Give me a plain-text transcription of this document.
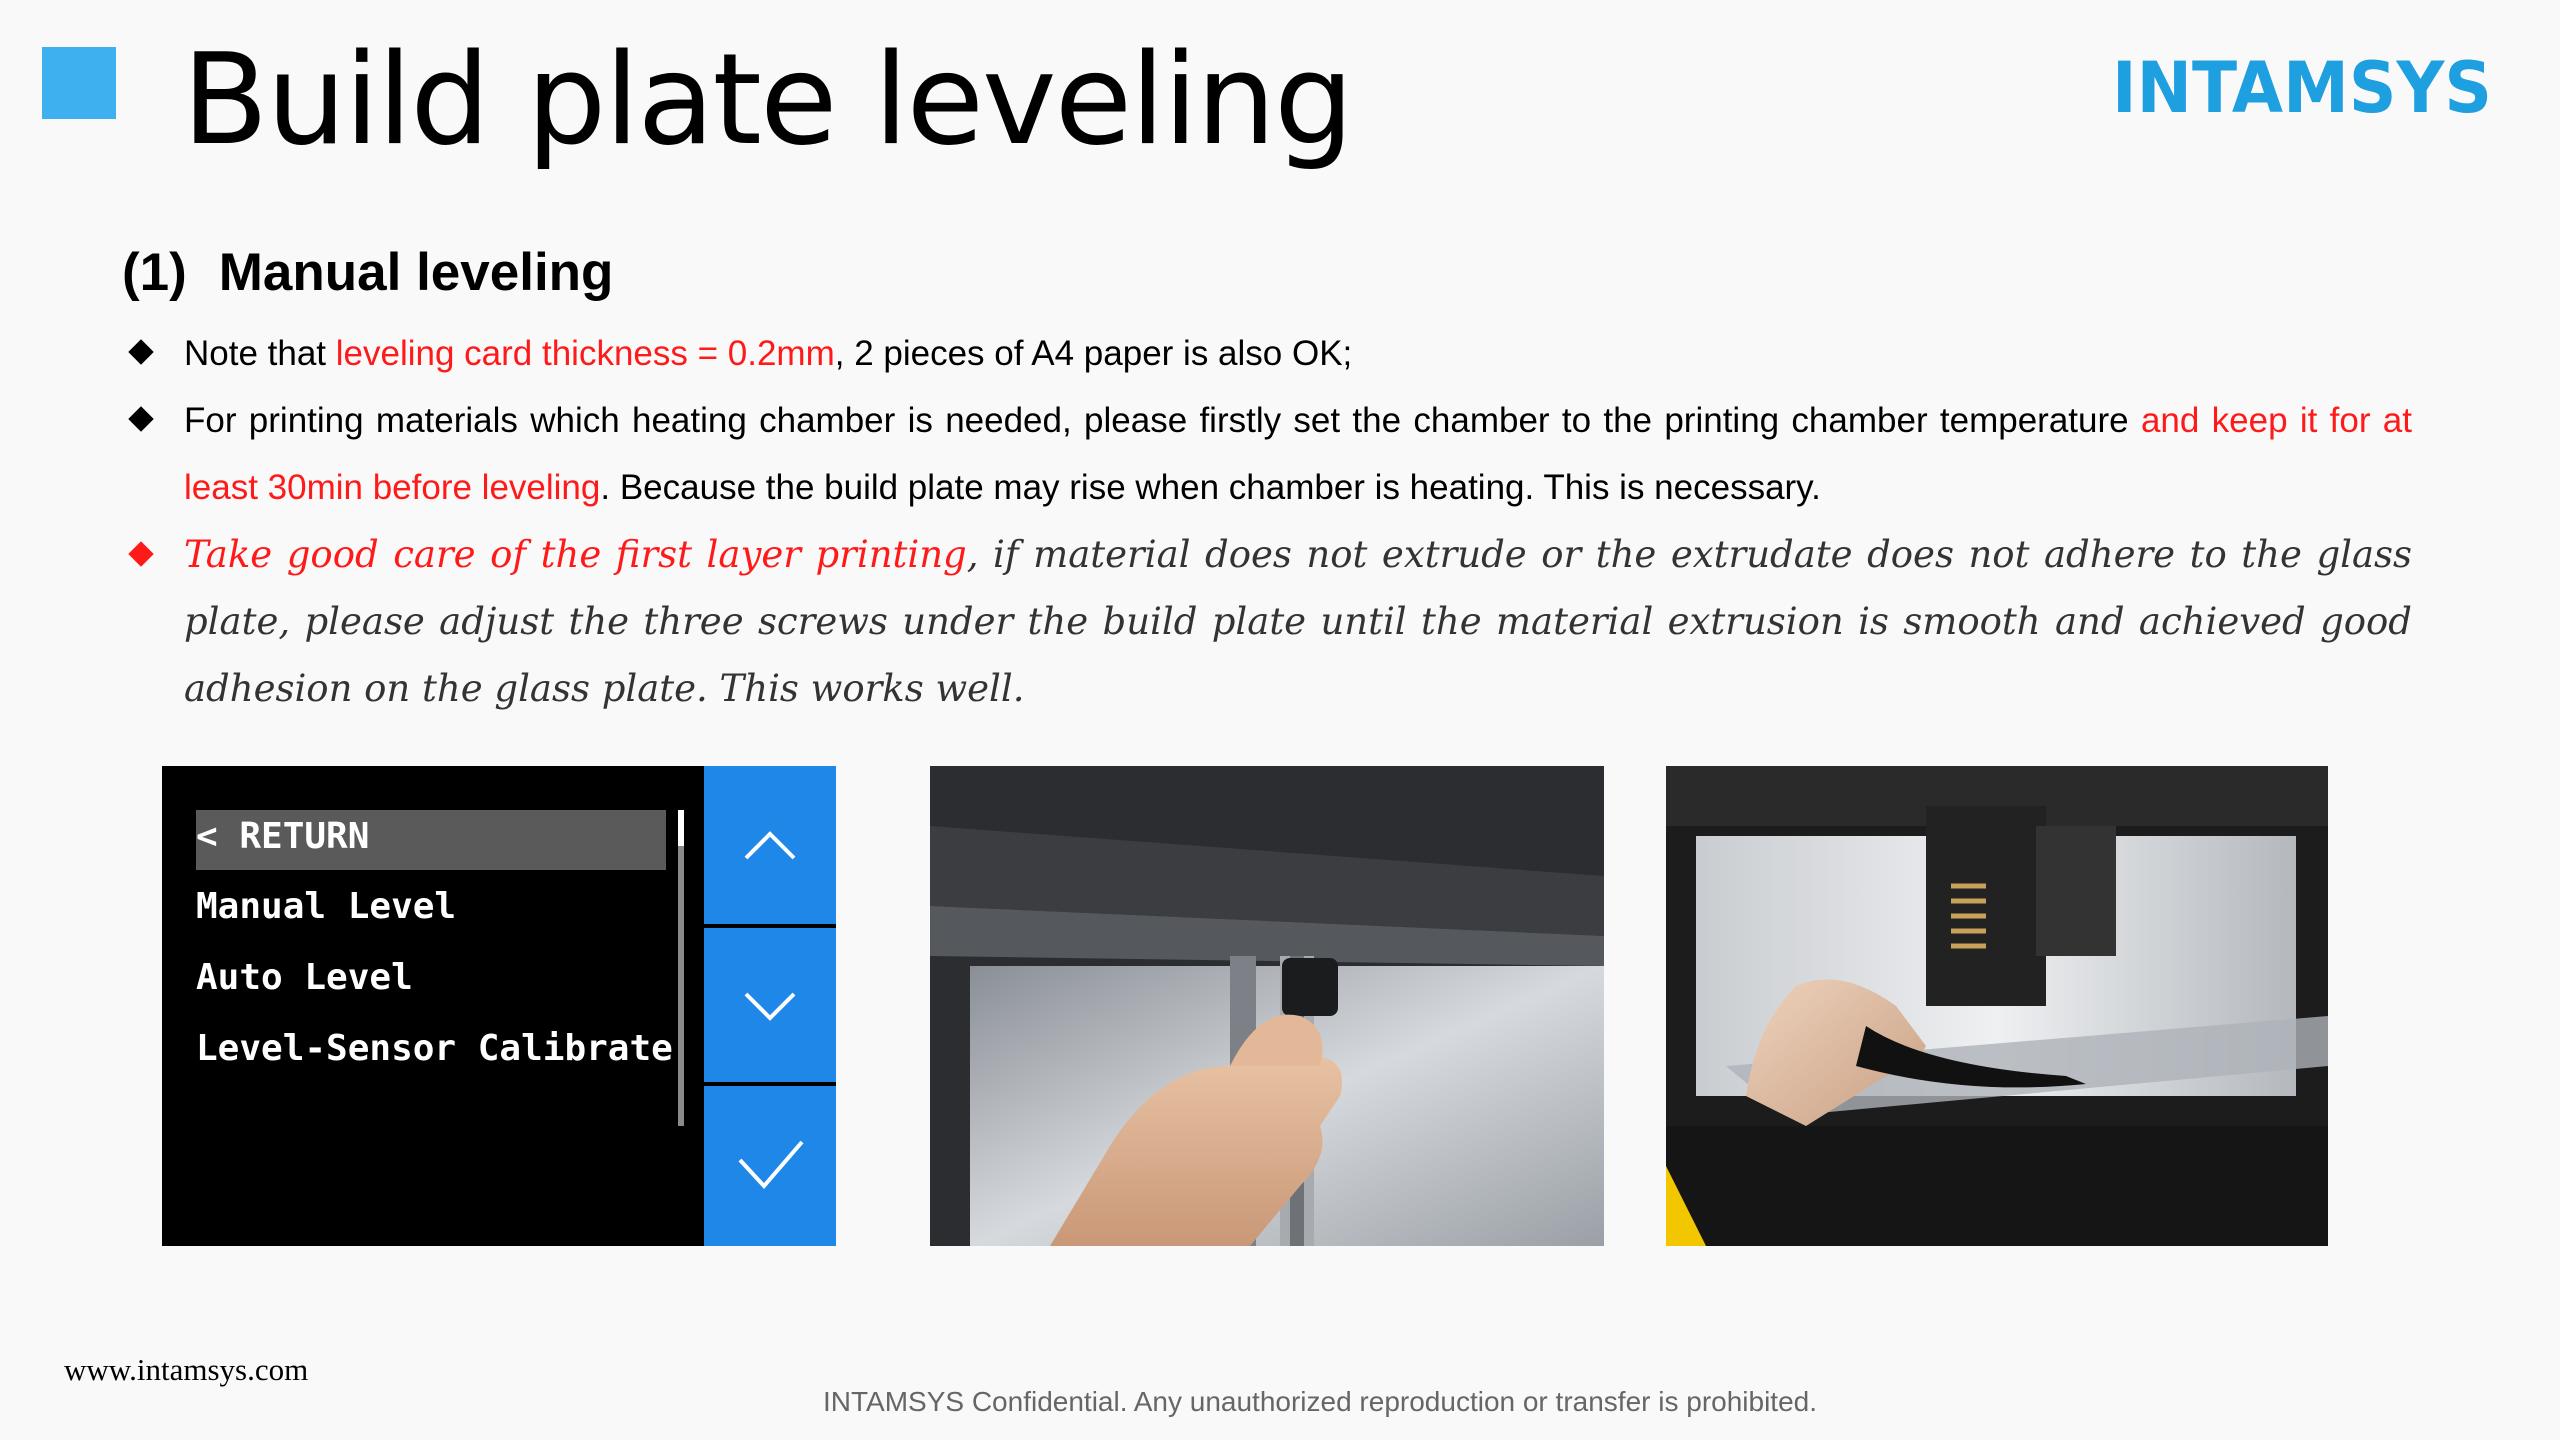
Build plate leveling	INTAMSYS
(1) Manual leveling
Note that leveling card thickness = 0.2mm, 2 pieces of A4 paper is also OK;
For printing materials which heating chamber is needed, please firstly set the chamber to the printing chamber temperature and keep it for at least 30min before leveling. Because the build plate may rise when chamber is heating. This is necessary.
Take good care of the first layer printing, if material does not extrude or the extrudate does not adhere to the glass plate, please adjust the three screws under the build plate until the material extrusion is smooth and achieved good adhesion on the glass plate. This works well.
< RETURN
Manual Level
Auto Level
Level-Sensor Calibrate
www.intamsys.com
INTAMSYS Confidential. Any unauthorized reproduction or transfer is prohibited.
